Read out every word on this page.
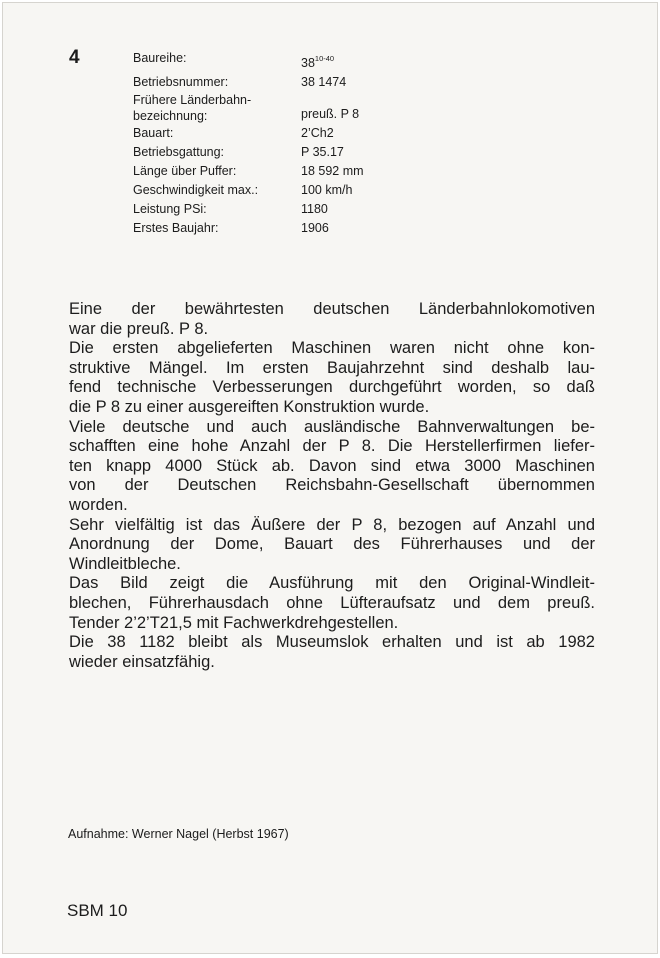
4	Baureihe:	38$^{10-40}$
Betriebsnummer:	38 1474
Frühere Länderbahn-
bezeichnung:	preuß. P 8
Bauart:	2’Ch2
Betriebsgattung:	P 35.17
Länge über Puffer:	18 592 mm
Geschwindigkeit max.:	100 km/h
Leistung PSi:	1180
Erstes Baujahr:	1906

Eine der bewährtesten deutschen Länderbahnlokomotiven
war die preuß. P 8.

Die ersten abgelieferten Maschinen waren nicht ohne kon-
struktive Mängel. Im ersten Baujahrzehnt sind deshalb lau-
fend technische Verbesserungen durchgeführt worden, so daß
die P 8 zu einer ausgereiften Konstruktion wurde.

Viele deutsche und auch ausländische Bahnverwaltungen be-
schafften eine hohe Anzahl der P 8. Die Herstellerfirmen liefer-
ten knapp 4000 Stück ab. Davon sind etwa 3000 Maschinen
von der Deutschen Reichsbahn-Gesellschaft übernommen
worden.

Sehr vielfältig ist das Äußere der P 8, bezogen auf Anzahl und
Anordnung der Dome, Bauart des Führerhauses und der
Windleitbleche.

Das Bild zeigt die Ausführung mit den Original-Windleit-
blechen, Führerhausdach ohne Lüfteraufsatz und dem preuß.
Tender 2’2’T21,5 mit Fachwerkdrehgestellen.

Die 38 1182 bleibt als Museumslok erhalten und ist ab 1982
wieder einsatzfähig.

Aufnahme: Werner Nagel (Herbst 1967)
SBM 10
